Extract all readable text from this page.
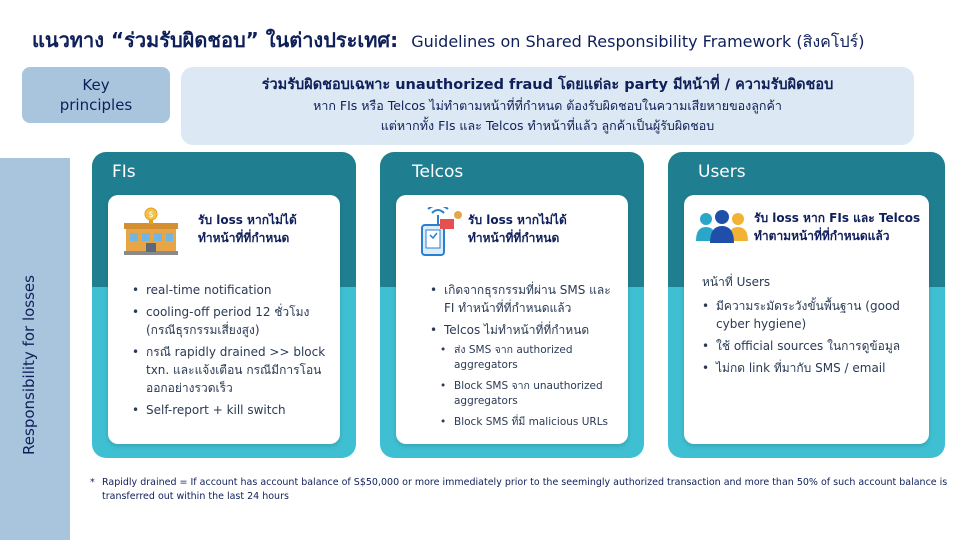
แนวทาง “ร่วมรับผิดชอบ” ในต่างประเทศ: Guidelines on Shared Responsibility Framework (สิงคโปร์)
Key
principles
ร่วมรับผิดชอบเฉพาะ unauthorized fraud โดยแต่ละ party มีหน้าที่ / ความรับผิดชอบ
หาก FIs หรือ Telcos ไม่ทำตามหน้าที่ที่กำหนด ต้องรับผิดชอบในความเสียหายของลูกค้า
แต่หากทั้ง FIs และ Telcos ทำหน้าที่แล้ว ลูกค้าเป็นผู้รับผิดชอบ
Responsibility for losses
FIs
$	รับ loss หากไม่ได้
ทำหน้าที่ที่กำหนด
• real-time notification
• cooling-off period 12 ชั่วโมง (กรณีธุรกรรมเสี่ยงสูง)
• กรณี rapidly drained >> block txn. และแจ้งเตือน กรณีมีการโอนออกอย่างรวดเร็ว
• Self-report + kill switch
Telcos
รับ loss หากไม่ได้
ทำหน้าที่ที่กำหนด
• เกิดจากธุรกรรมที่ผ่าน SMS และ FI ทำหน้าที่ที่กำหนดแล้ว
• Telcos ไม่ทำหน้าที่ที่กำหนด
• ส่ง SMS จาก authorized aggregators
• Block SMS จาก unauthorized aggregators
• Block SMS ที่มี malicious URLs
Users
รับ loss หาก FIs และ Telcos
ทำตามหน้าที่ที่กำหนดแล้ว
หน้าที่ Users
• มีความระมัดระวังขั้นพื้นฐาน (good cyber hygiene)
• ใช้ official sources ในการดูข้อมูล
• ไม่กด link ที่มากับ SMS / email
* Rapidly drained = If account has account balance of S$50,000 or more immediately prior to the seemingly authorized transaction and more than 50% of such account balance is transferred out within the last 24 hours
